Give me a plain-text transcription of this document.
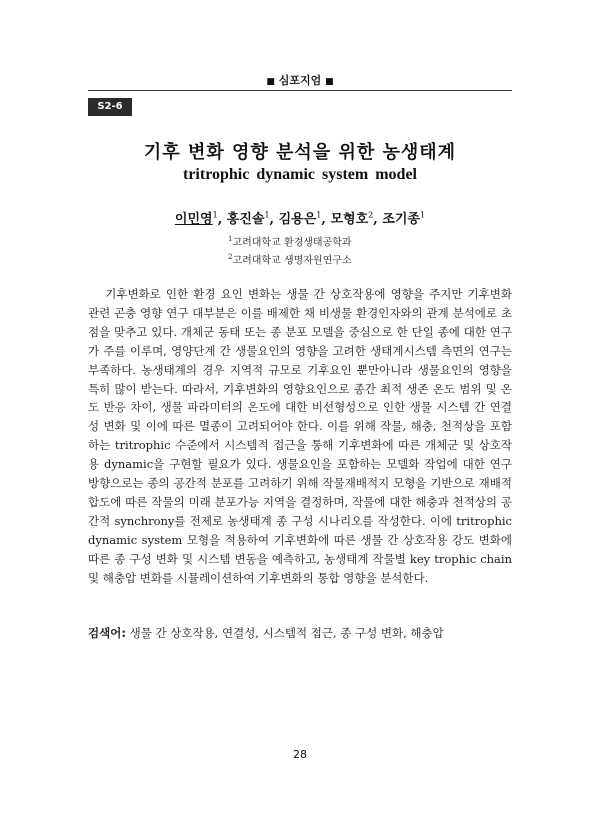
■ 심포지엄 ■
S2-6
기후 변화 영향 분석을 위한 농생태계
tritrophic dynamic system model
이민영$^1$, 홍진솔$^1$, 김용은$^1$, 모형호$^2$, 조기종$^1$
$^1$고려대학교 환경생태공학과
$^2$고려대학교 생명자원연구소
기후변화로 인한 환경 요인 변화는 생물 간 상호작용에 영향을 주지만 기후변화 관련 곤충 영향 연구 대부분은 이를 배제한 채 비생물 환경인자와의 관계 분석에로 초점을 맞추고 있다. 개체군 동태 또는 종 분포 모델을 중심으로 한 단일 종에 대한 연구가 주를 이루며, 영양단계 간 생물요인의 영향을 고려한 생태계시스템 측면의 연구는 부족하다. 농생태계의 경우 지역적 규모로 기후요인 뿐만아니라 생물요인의 영향을 특히 많이 받는다. 따라서, 기후변화의 영향요인으로 종간 최적 생존 온도 범위 및 온도 반응 차이, 생물 파라미터의 온도에 대한 비선형성으로 인한 생물 시스템 간 연결성 변화 및 이에 따른 멸종이 고려되어야 한다. 이를 위해 작물, 해충, 천적상을 포함하는 tritrophic 수준에서 시스템적 접근을 통해 기후변화에 따른 개체군 및 상호작용 dynamic을 구현할 필요가 있다. 생물요인을 포함하는 모델화 작업에 대한 연구 방향으로는 종의 공간적 분포를 고려하기 위해 작물재배적지 모형을 기반으로 재배적합도에 따른 작물의 미래 분포가능 지역을 결정하며, 작물에 대한 해충과 천적상의 공간적 synchrony를 전제로 농생태계 종 구성 시나리오를 작성한다. 이에 tritrophic dynamic system 모형을 적용하여 기후변화에 따른 생물 간 상호작용 강도 변화에 따른 종 구성 변화 및 시스템 변동을 예측하고, 농생태계 작물별 key trophic chain 및 해충압 변화를 시뮬레이션하여 기후변화의 통합 영향을 분석한다.
검색어: 생물 간 상호작용, 연결성, 시스템적 접근, 종 구성 변화, 해충압
28
